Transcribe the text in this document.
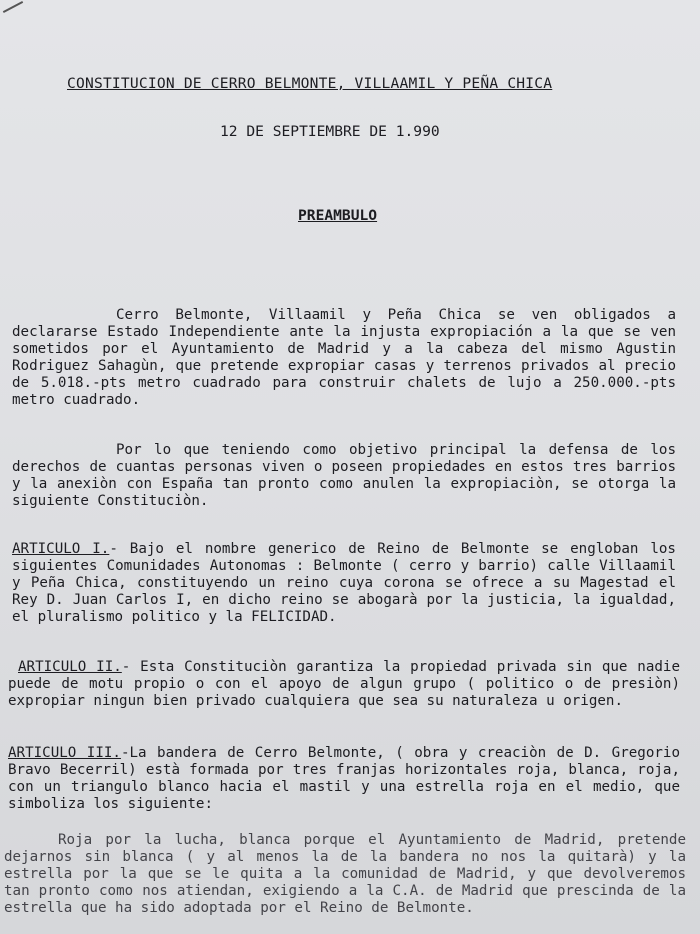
CONSTITUCION DE CERRO BELMONTE, VILLAAMIL Y PEÑA CHICA
12 DE SEPTIEMBRE DE 1.990
PREAMBULO

Cerro Belmonte, Villaamil y Peña Chica se ven obligados a declararse Estado Independiente ante la injusta expropiación a la que se ven sometidos por el Ayuntamiento de Madrid y a la cabeza del mismo Agustin Rodriguez Sahagùn, que pretende expropiar casas y terrenos privados al precio de 5.018.-pts metro cuadrado para construir chalets de lujo a 250.000.-pts metro cuadrado.

Por lo que teniendo como objetivo principal la defensa de los derechos de cuantas personas viven o poseen propiedades en estos tres barrios y la anexiòn con España tan pronto como anulen la expropiaciòn, se otorga la siguiente Constituciòn.

ARTICULO I.- Bajo el nombre generico de Reino de Belmonte se engloban los siguientes Comunidades Autonomas : Belmonte ( cerro y barrio) calle Villaamil y Peña Chica, constituyendo un reino cuya corona se ofrece a su Magestad el Rey D. Juan Carlos I, en dicho reino se abogarà por la justicia, la igualdad, el pluralismo politico y la FELICIDAD.

ARTICULO II.- Esta Constituciòn garantiza la propiedad privada sin que nadie puede de motu propio o con el apoyo de algun grupo ( politico o de presiòn) expropiar ningun bien privado cualquiera que sea su naturaleza u origen.

ARTICULO III.-La bandera de Cerro Belmonte, ( obra y creaciòn de D. Gregorio Bravo Becerril) està formada por tres franjas horizontales roja, blanca, roja, con un triangulo blanco hacia el mastil y una estrella roja en el medio, que simboliza los siguiente:

Roja por la lucha, blanca porque el Ayuntamiento de Madrid, pretende dejarnos sin blanca ( y al menos la de la bandera no nos la quitarà) y la estrella por la que se le quita a la comunidad de Madrid, y que devolveremos tan pronto como nos atiendan, exigiendo a la C.A. de Madrid que prescinda de la estrella que ha sido adoptada por el Reino de Belmonte.
